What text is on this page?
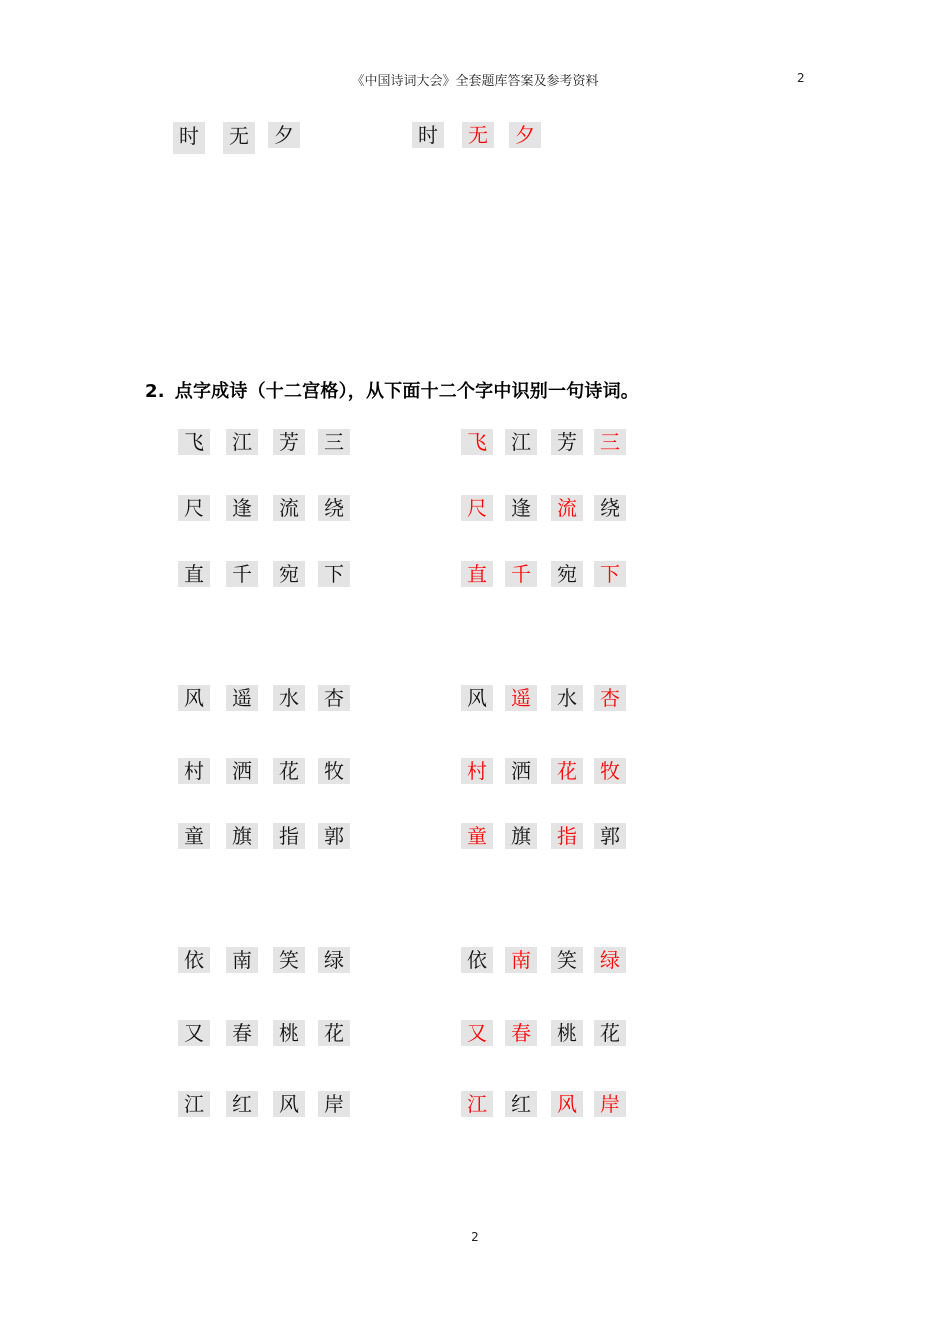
《中国诗词大会》全套题库答案及参考资料	2
时	无	夕	时	无	夕
2. 点字成诗（十二宫格），从下面十二个字中识别一句诗词。
飞	江	芳	三
尺	逢	流	绕
直	千	宛	下
飞	江	芳	三
尺	逢	流	绕
直	千	宛	下
风	遥	水	杏
村	洒	花	牧
童	旗	指	郭
风	遥	水	杏
村	洒	花	牧
童	旗	指	郭
依	南	笑	绿
又	春	桃	花
江	红	风	岸
依	南	笑	绿
又	春	桃	花
江	红	风	岸
2
